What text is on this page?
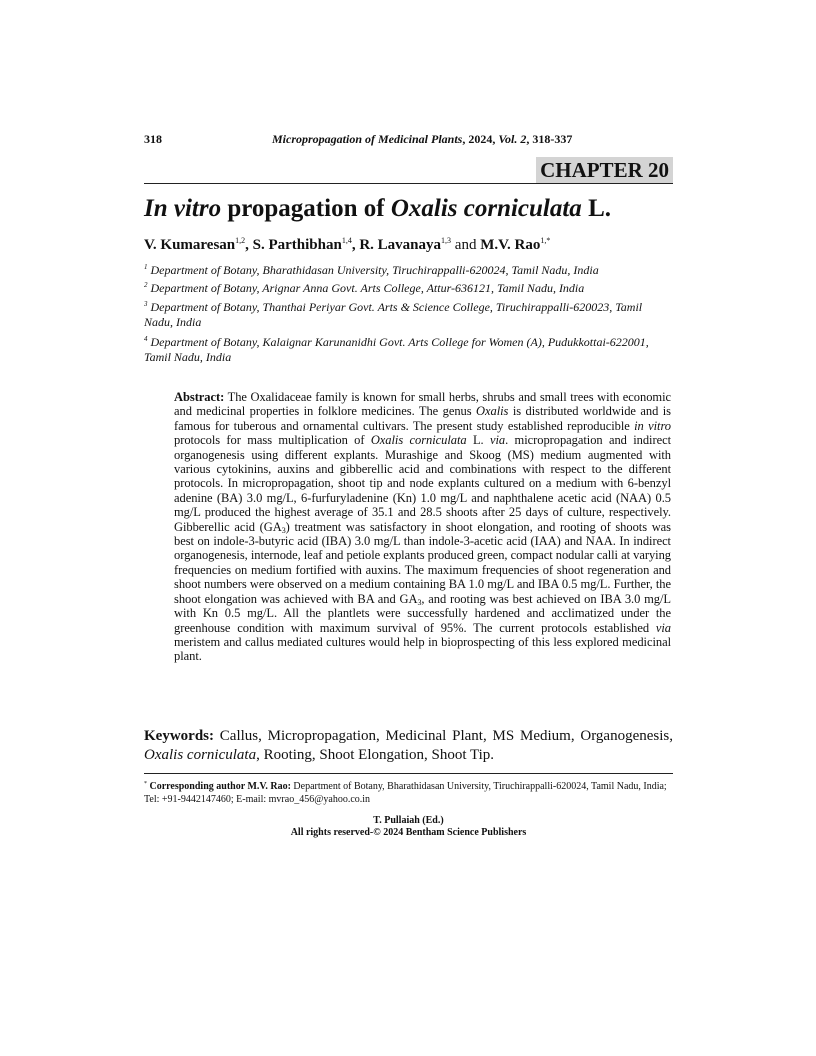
318	Micropropagation of Medicinal Plants, 2024, Vol. 2, 318-337
CHAPTER 20
In vitro propagation of Oxalis corniculata L.
V. Kumaresan$^{1,2}$, S. Parthibhan$^{1,4}$, R. Lavanaya$^{1,3}$ and M.V. Rao$^{1,*}$

$^1$ Department of Botany, Bharathidasan University, Tiruchirappalli-620024, Tamil Nadu, India

$^2$ Department of Botany, Arignar Anna Govt. Arts College, Attur-636121, Tamil Nadu, India

$^3$ Department of Botany, Thanthai Periyar Govt. Arts & Science College, Tiruchirappalli-620023, Tamil Nadu, India

$^4$ Department of Botany, Kalaignar Karunanidhi Govt. Arts College for Women (A), Pudukkottai-622001, Tamil Nadu, India

Abstract: The Oxalidaceae family is known for small herbs, shrubs and small trees with economic and medicinal properties in folklore medicines. The genus Oxalis is distributed worldwide and is famous for tuberous and ornamental cultivars. The present study established reproducible in vitro protocols for mass multiplication of Oxalis corniculata L. via. micropropagation and indirect organogenesis using different explants. Murashige and Skoog (MS) medium augmented with various cytokinins, auxins and gibberellic acid and combinations with respect to the different protocols. In micropropagation, shoot tip and node explants cultured on a medium with 6-benzyl adenine (BA) 3.0 mg/L, 6-furfuryladenine (Kn) 1.0 mg/L and naphthalene acetic acid (NAA) 0.5 mg/L produced the highest average of 35.1 and 28.5 shoots after 25 days of culture, respectively. Gibberellic acid $(GA_3)$ treatment was satisfactory in shoot elongation, and rooting of shoots was best on indole-3-butyric acid (IBA) 3.0 mg/L than indole-3-acetic acid (IAA) and NAA. In indirect organogenesis, internode, leaf and petiole explants produced green, compact nodular calli at varying frequencies on medium fortified with auxins. The maximum frequencies of shoot regeneration and shoot numbers were observed on a medium containing BA 1.0 mg/L and IBA 0.5 mg/L. Further, the shoot elongation was achieved with BA and $GA_3$, and rooting was best achieved on IBA 3.0 mg/L with Kn 0.5 mg/L. All the plantlets were successfully hardened and acclimatized under the greenhouse condition with maximum survival of 95%. The current protocols established via meristem and callus mediated cultures would help in bioprospecting of this less explored medicinal plant.

Keywords: Callus, Micropropagation, Medicinal Plant, MS Medium, Organogenesis, Oxalis corniculata, Rooting, Shoot Elongation, Shoot Tip.

* Corresponding author M.V. Rao: Department of Botany, Bharathidasan University, Tiruchirappalli-620024, Tamil Nadu, India; Tel: +91-9442147460; E-mail: mvrao_456@yahoo.co.in

T. Pullaiah (Ed.)
All rights reserved-© 2024 Bentham Science Publishers
